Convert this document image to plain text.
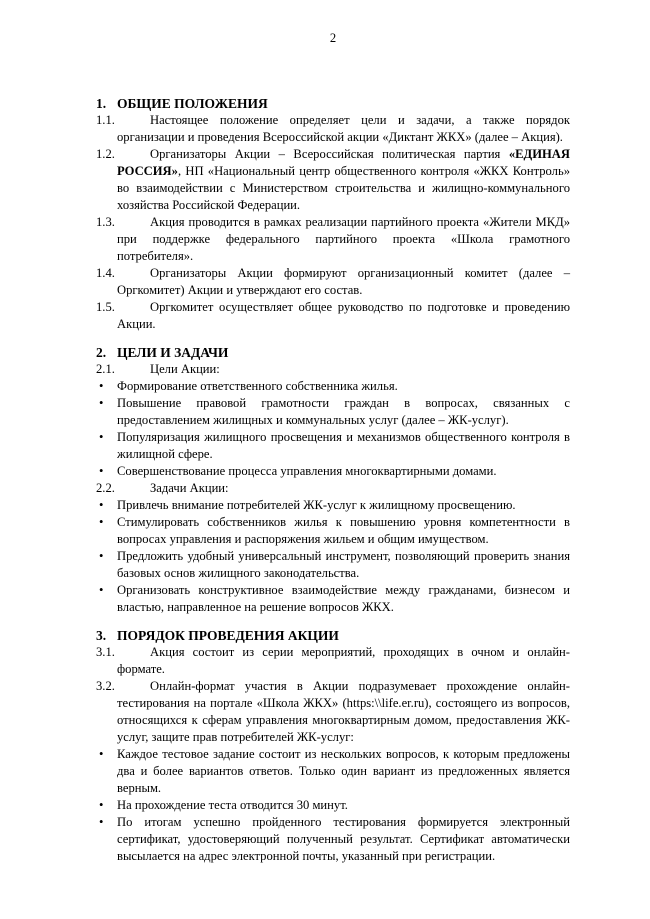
2
1. ОБЩИЕ ПОЛОЖЕНИЯ
1.1.	Настоящее положение определяет цели и задачи, а также порядок организации и проведения Всероссийской акции «Диктант ЖКХ» (далее – Акция).
1.2.	Организаторы Акции – Всероссийская политическая партия «ЕДИНАЯ РОССИЯ», НП «Национальный центр общественного контроля «ЖКХ Контроль» во взаимодействии с Министерством строительства и жилищно-коммунального хозяйства Российской Федерации.
1.3.	Акция проводится в рамках реализации партийного проекта «Жители МКД» при поддержке федерального партийного проекта «Школа грамотного потребителя».
1.4.	Организаторы Акции формируют организационный комитет (далее – Оргкомитет) Акции и утверждают его состав.
1.5.	Оргкомитет осуществляет общее руководство по подготовке и проведению Акции.
2. ЦЕЛИ И ЗАДАЧИ
2.1.	Цели Акции:
• Формирование ответственного собственника жилья.
• Повышение правовой грамотности граждан в вопросах, связанных с предоставлением жилищных и коммунальных услуг (далее – ЖК-услуг).
• Популяризация жилищного просвещения и механизмов общественного контроля в жилищной сфере.
• Совершенствование процесса управления многоквартирными домами.
2.2.	Задачи Акции:
• Привлечь внимание потребителей ЖК-услуг к жилищному просвещению.
• Стимулировать собственников жилья к повышению уровня компетентности в вопросах управления и распоряжения жильем и общим имуществом.
• Предложить удобный универсальный инструмент, позволяющий проверить знания базовых основ жилищного законодательства.
• Организовать конструктивное взаимодействие между гражданами, бизнесом и властью, направленное на решение вопросов ЖКХ.
3. ПОРЯДОК ПРОВЕДЕНИЯ АКЦИИ
3.1.	Акция состоит из серии мероприятий, проходящих в очном и онлайн-формате.
3.2.	Онлайн-формат участия в Акции подразумевает прохождение онлайн-тестирования на портале «Школа ЖКХ» (https:\\life.er.ru), состоящего из вопросов, относящихся к сферам управления многоквартирным домом, предоставления ЖК-услуг, защите прав потребителей ЖК-услуг:
• Каждое тестовое задание состоит из нескольких вопросов, к которым предложены два и более вариантов ответов. Только один вариант из предложенных является верным.
• На прохождение теста отводится 30 минут.
• По итогам успешно пройденного тестирования формируется электронный сертификат, удостоверяющий полученный результат. Сертификат автоматически высылается на адрес электронной почты, указанный при регистрации.
